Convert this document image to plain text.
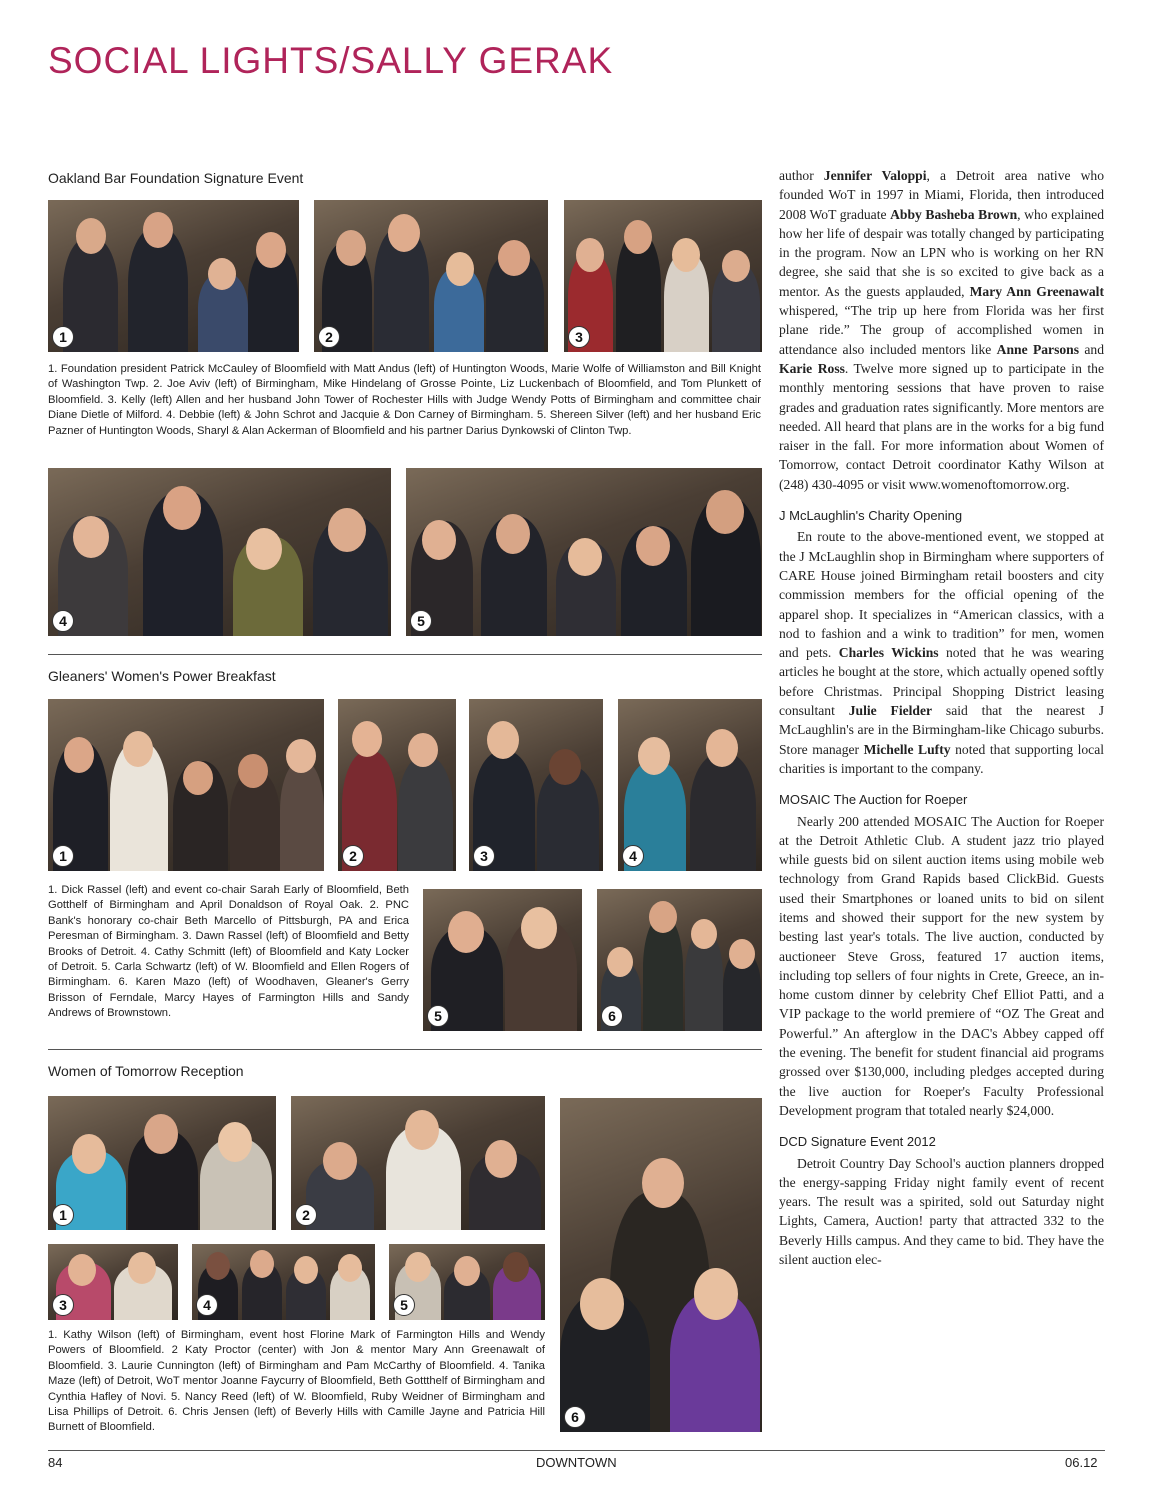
SOCIAL LIGHTS/SALLY GERAK
Oakland Bar Foundation Signature Event
1	2	3
1. Foundation president Patrick McCauley of Bloomfield with Matt Andus (left) of Huntington Woods, Marie Wolfe of Williamston and Bill Knight of Washington Twp. 2. Joe Aviv (left) of Birmingham, Mike Hindelang of Grosse Pointe, Liz Luckenbach of Bloomfield, and Tom Plunkett of Bloomfield. 3. Kelly (left) Allen and her husband John Tower of Rochester Hills with Judge Wendy Potts of Birmingham and committee chair Diane Dietle of Milford. 4. Debbie (left) & John Schrot and Jacquie & Don Carney of Birmingham. 5. Shereen Silver (left) and her husband Eric Pazner of Huntington Woods, Sharyl & Alan Ackerman of Bloomfield and his partner Darius Dynkowski of Clinton Twp.
4	5
Gleaners' Women's Power Breakfast
1	2	3	4
1. Dick Rassel (left) and event co-chair Sarah Early of Bloomfield, Beth Gotthelf of Birmingham and April Donaldson of Royal Oak. 2. PNC Bank's honorary co-chair Beth Marcello of Pittsburgh, PA and Erica Peresman of Birmingham. 3. Dawn Rassel (left) of Bloomfield and Betty Brooks of Detroit. 4. Cathy Schmitt (left) of Bloomfield and Katy Locker of Detroit. 5. Carla Schwartz (left) of W. Bloomfield and Ellen Rogers of Birmingham. 6. Karen Mazo (left) of Woodhaven, Gleaner's Gerry Brisson of Ferndale, Marcy Hayes of Farmington Hills and Sandy Andrews of Brownstown.	5	6
Women of Tomorrow Reception
1	2
3	4	5
6
1. Kathy Wilson (left) of Birmingham, event host Florine Mark of Farmington Hills and Wendy Powers of Bloomfield. 2 Katy Proctor (center) with Jon & mentor Mary Ann Greenawalt of Bloomfield. 3. Laurie Cunnington (left) of Birmingham and Pam McCarthy of Bloomfield. 4. Tanika Maze (left) of Detroit, WoT mentor Joanne Faycurry of Bloomfield, Beth Gottthelf of Birmingham and Cynthia Hafley of Novi. 5. Nancy Reed (left) of W. Bloomfield, Ruby Weidner of Birmingham and Lisa Phillips of Detroit. 6. Chris Jensen (left) of Beverly Hills with Camille Jayne and Patricia Hill Burnett of Bloomfield.

author Jennifer Valoppi, a Detroit area native who founded WoT in 1997 in Miami, Florida, then introduced 2008 WoT graduate Abby Basheba Brown, who explained how her life of despair was totally changed by participating in the program. Now an LPN who is working on her RN degree, she said that she is so excited to give back as a mentor. As the guests applauded, Mary Ann Greenawalt whispered, “The trip up here from Florida was her first plane ride.” The group of accomplished women in attendance also included mentors like Anne Parsons and Karie Ross. Twelve more signed up to participate in the monthly mentoring sessions that have proven to raise grades and graduation rates significantly. More mentors are needed. All heard that plans are in the works for a big fund raiser in the fall. For more information about Women of Tomorrow, contact Detroit coordinator Kathy Wilson at (248) 430-4095 or visit www.womenoftomorrow.org.

J McLaughlin's Charity Opening

En route to the above-mentioned event, we stopped at the J McLaughlin shop in Birmingham where supporters of CARE House joined Birmingham retail boosters and city commission members for the official opening of the apparel shop. It specializes in “American classics, with a nod to fashion and a wink to tradition” for men, women and pets. Charles Wickins noted that he was wearing articles he bought at the store, which actually opened softly before Christmas. Principal Shopping District leasing consultant Julie Fielder said that the nearest J McLaughlin's are in the Birmingham-like Chicago suburbs. Store manager Michelle Lufty noted that supporting local charities is important to the company.

MOSAIC The Auction for Roeper

Nearly 200 attended MOSAIC The Auction for Roeper at the Detroit Athletic Club. A student jazz trio played while guests bid on silent auction items using mobile web technology from Grand Rapids based ClickBid. Guests used their Smartphones or loaned units to bid on silent items and showed their support for the new system by besting last year's totals. The live auction, conducted by auctioneer Steve Gross, featured 17 auction items, including top sellers of four nights in Crete, Greece, an in-home custom dinner by celebrity Chef Elliot Patti, and a VIP package to the world premiere of “OZ The Great and Powerful.” An afterglow in the DAC's Abbey capped off the evening. The benefit for student financial aid programs grossed over $130,000, including pledges accepted during the live auction for Roeper's Faculty Professional Development program that totaled nearly $24,000.

DCD Signature Event 2012

Detroit Country Day School's auction planners dropped the energy-sapping Friday night family event of recent years. The result was a spirited, sold out Saturday night Lights, Camera, Auction! party that attracted 332 to the Beverly Hills campus. And they came to bid. They have the silent auction elec-

84	DOWNTOWN	06.12
